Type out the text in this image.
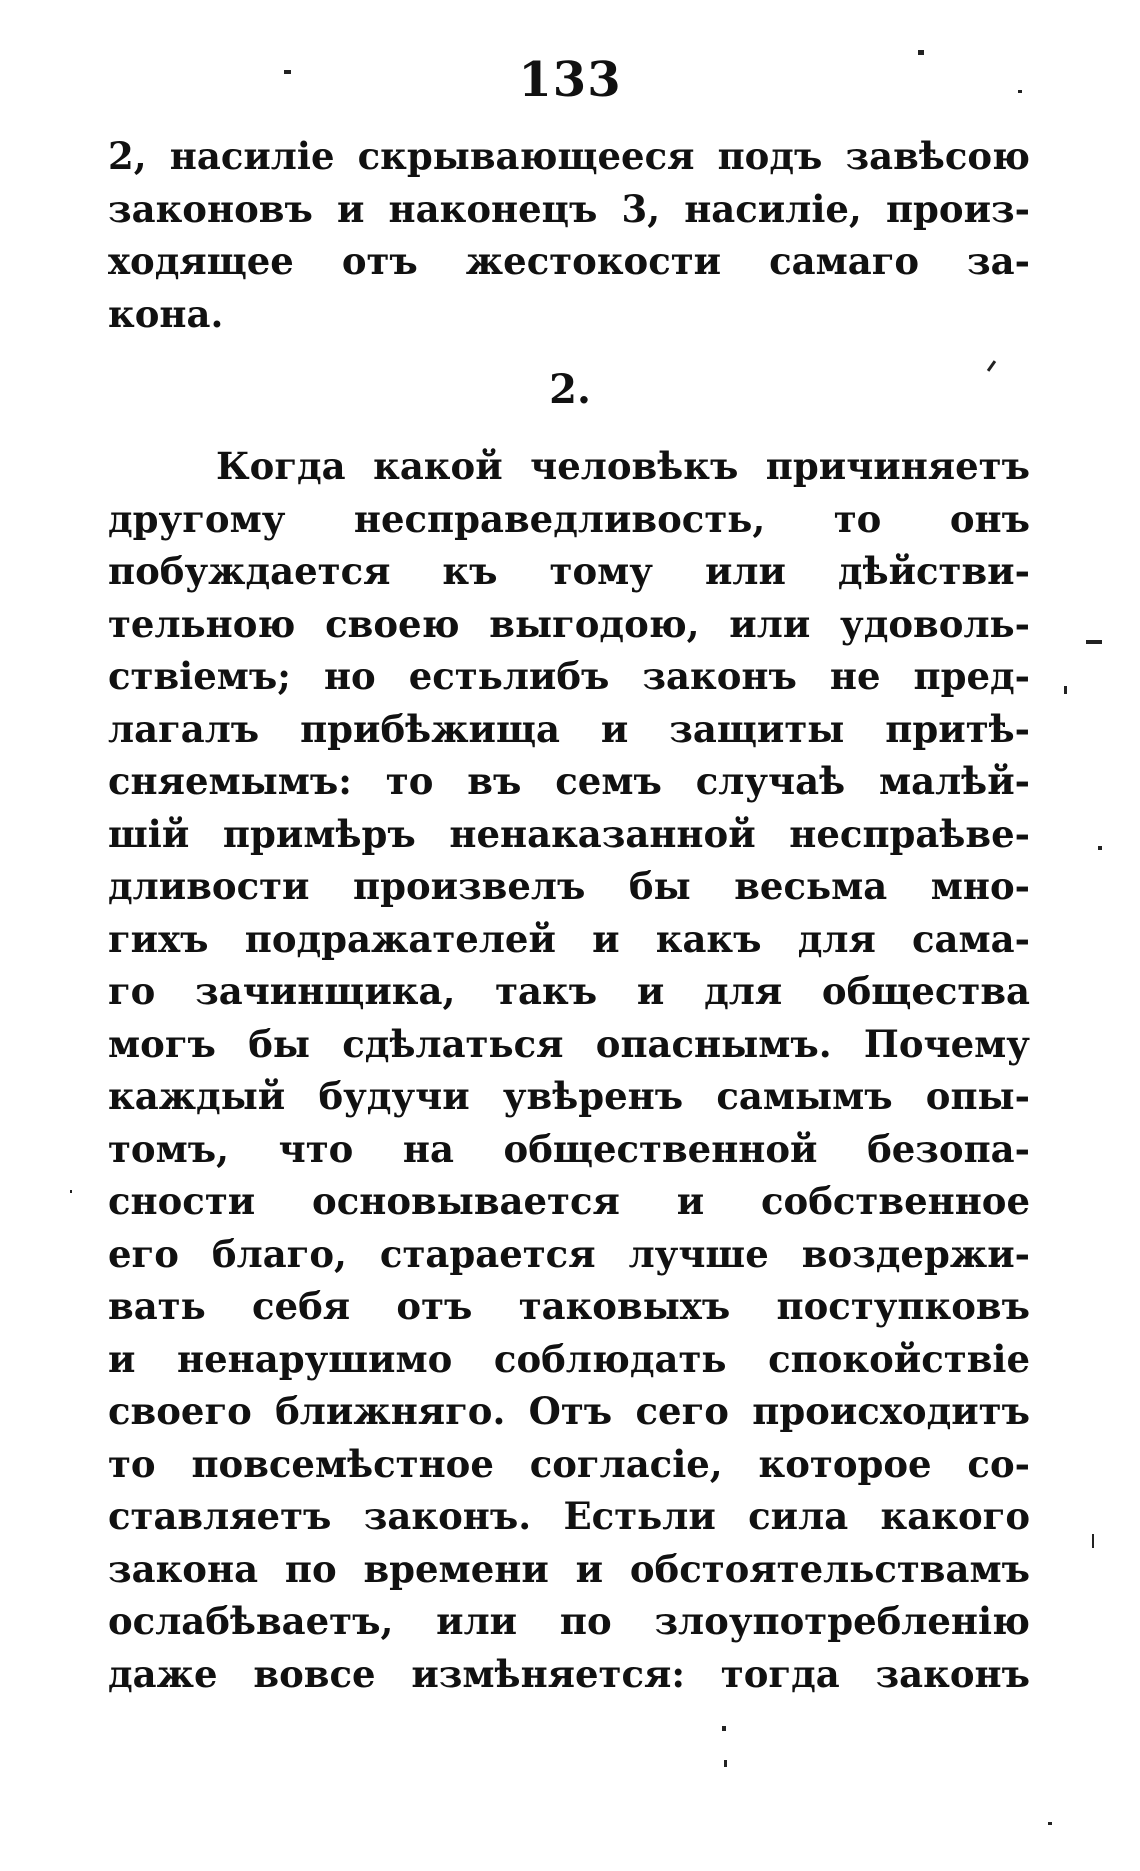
133
2, насиліе скрывающееся подъ завѣсою
законовъ и наконецъ 3, насиліе, произ-
ходящее отъ жестокости самаго за-
кона.
2.
Когда какой человѣкъ причиняетъ
другому несправедливость, то онъ
побуждается къ тому или дѣйстви-
тельною своею выгодою, или удоволь-
ствіемъ; но естьлибъ законъ не пред-
лагалъ прибѣжища и защиты притѣ-
сняемымъ: то въ семъ случаѣ малѣй-
шій примѣръ ненаказанной неспраѣве-
дливости произвелъ бы весьма мно-
гихъ подражателей и какъ для сама-
го зачинщика, такъ и для общества
могъ бы сдѣлаться опаснымъ. Почему
каждый будучи увѣренъ самымъ опы-
томъ, что на общественной безопа-
сности основывается и собственное
его благо, старается лучше воздержи-
вать себя отъ таковыхъ поступковъ
и ненарушимо соблюдать спокойствіе
своего ближняго. Отъ сего происходитъ
то повсемѣстное согласіе, которое со-
ставляетъ законъ. Естьли сила какого
закона по времени и обстоятельствамъ
ослабѣваетъ, или по злоупотребленію
даже вовсе измѣняется: тогда законъ
